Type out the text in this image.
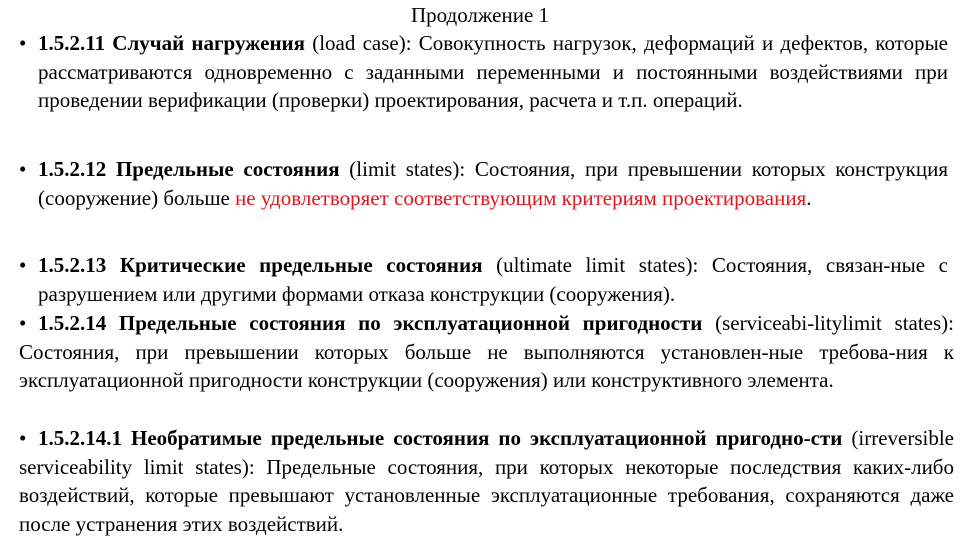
Продолжение 1
• 1.5.2.11 Случай нагружения (load case): Совокупность нагрузок, деформаций и дефектов, которые рассматриваются одновременно с заданными переменными и постоянными воздействиями при проведении верификации (проверки) проектирования, расчета и т.п. операций.
• 1.5.2.12 Предельные состояния (limit states): Состояния, при превышении которых конструкция (сооружение) больше не удовлетворяет соответствующим критериям проектирования.
• 1.5.2.13 Критические предельные состояния (ultimate limit states): Состояния, связан-ные с разрушением или другими формами отказа конструкции (сооружения).
• 1.5.2.14 Предельные состояния по эксплуатационной пригодности (serviceabi-litylimit states): Состояния, при превышении которых больше не выполняются установлен-ные требова-ния к эксплуатационной пригодности конструкции (сооружения) или конструктивного элемента.
• 1.5.2.14.1 Необратимые предельные состояния по эксплуатационной пригодно-сти (irreversible serviceability limit states): Предельные состояния, при которых некоторые последствия каких-либо воздействий, которые превышают установленные эксплуатационные требования, сохраняются даже после устранения этих воздействий.
